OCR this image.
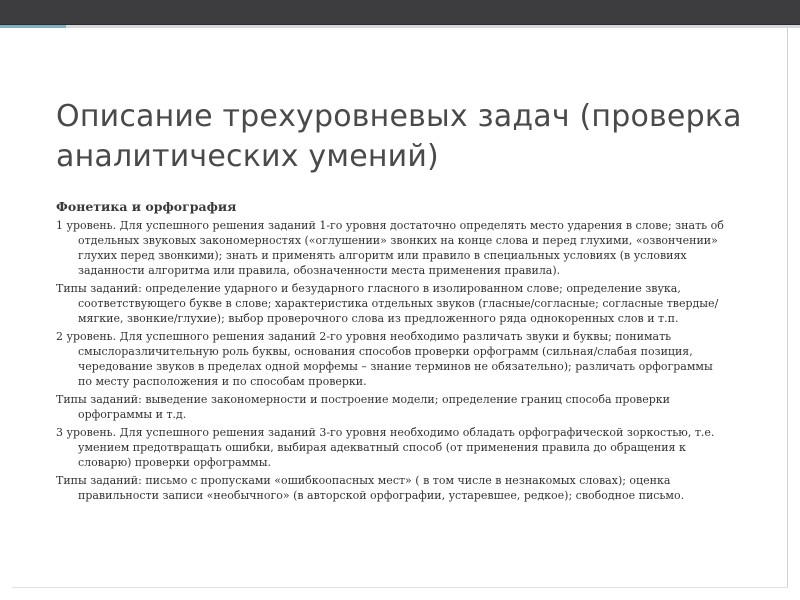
Описание трехуровневых задач (проверка аналитических умений)
Фонетика и орфография

1 уровень. Для успешного решения заданий 1-го уровня достаточно определять место ударения в слове; знать об отдельных звуковых закономерностях («оглушении» звонких на конце слова и перед глухими, «озвончении» глухих перед звонкими); знать и применять алгоритм или правило в специальных условиях (в условиях заданности алгоритма или правила, обозначенности места применения правила).

Типы заданий: определение ударного и безударного гласного в изолированном слове; определение звука, соответствующего букве в слове; характеристика отдельных звуков (гласные/согласные; согласные твердые/мягкие, звонкие/глухие); выбор проверочного слова из предложенного ряда однокоренных слов и т.п.

2 уровень. Для успешного решения заданий 2-го уровня необходимо различать звуки и буквы; понимать смыслоразличительную роль буквы, основания способов проверки орфограмм (сильная/слабая позиция, чередование звуков в пределах одной морфемы – знание терминов не обязательно); различать орфограммы по месту расположения и по способам проверки.

Типы заданий: выведение закономерности и построение модели; определение границ способа проверки орфограммы и т.д.

3 уровень. Для успешного решения заданий 3-го уровня необходимо обладать орфографической зоркостью, т.е. умением предотвращать ошибки, выбирая адекватный способ (от применения правила до обращения к словарю) проверки орфограммы.

Типы заданий: письмо с пропусками «ошибкоопасных мест» ( в том числе в незнакомых словах); оценка правильности записи «необычного» (в авторской орфографии, устаревшее, редкое); свободное письмо.
